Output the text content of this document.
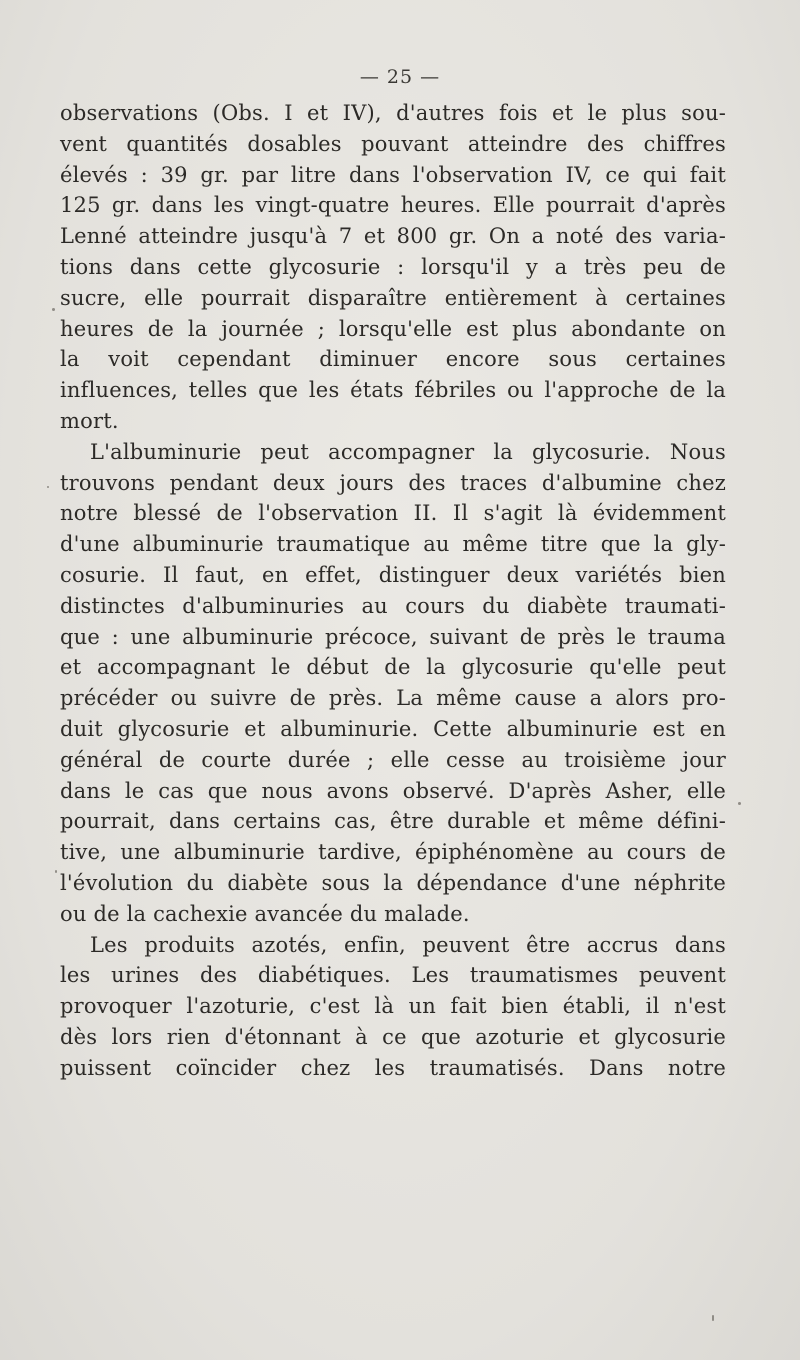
— 25 —
observations (Obs. I et IV), d'autres fois et le plus sou-
vent quantités dosables pouvant atteindre des chiffres
élevés : 39 gr. par litre dans l'observation IV, ce qui fait
125 gr. dans les vingt-quatre heures. Elle pourrait d'après
Lenné atteindre jusqu'à 7 et 800 gr. On a noté des varia-
tions dans cette glycosurie : lorsqu'il y a très peu de
sucre, elle pourrait disparaître entièrement à certaines
heures de la journée ; lorsqu'elle est plus abondante on
la voit cependant diminuer encore sous certaines
influences, telles que les états fébriles ou l'approche de la
mort.
L'albuminurie peut accompagner la glycosurie. Nous
trouvons pendant deux jours des traces d'albumine chez
notre blessé de l'observation II. Il s'agit là évidemment
d'une albuminurie traumatique au même titre que la gly-
cosurie. Il faut, en effet, distinguer deux variétés bien
distinctes d'albuminuries au cours du diabète traumati-
que : une albuminurie précoce, suivant de près le trauma
et accompagnant le début de la glycosurie qu'elle peut
précéder ou suivre de près. La même cause a alors pro-
duit glycosurie et albuminurie. Cette albuminurie est en
général de courte durée ; elle cesse au troisième jour
dans le cas que nous avons observé. D'après Asher, elle
pourrait, dans certains cas, être durable et même défini-
tive, une albuminurie tardive, épiphénomène au cours de
l'évolution du diabète sous la dépendance d'une néphrite
ou de la cachexie avancée du malade.
Les produits azotés, enfin, peuvent être accrus dans
les urines des diabétiques. Les traumatismes peuvent
provoquer l'azoturie, c'est là un fait bien établi, il n'est
dès lors rien d'étonnant à ce que azoturie et glycosurie
puissent coïncider chez les traumatisés. Dans notre
